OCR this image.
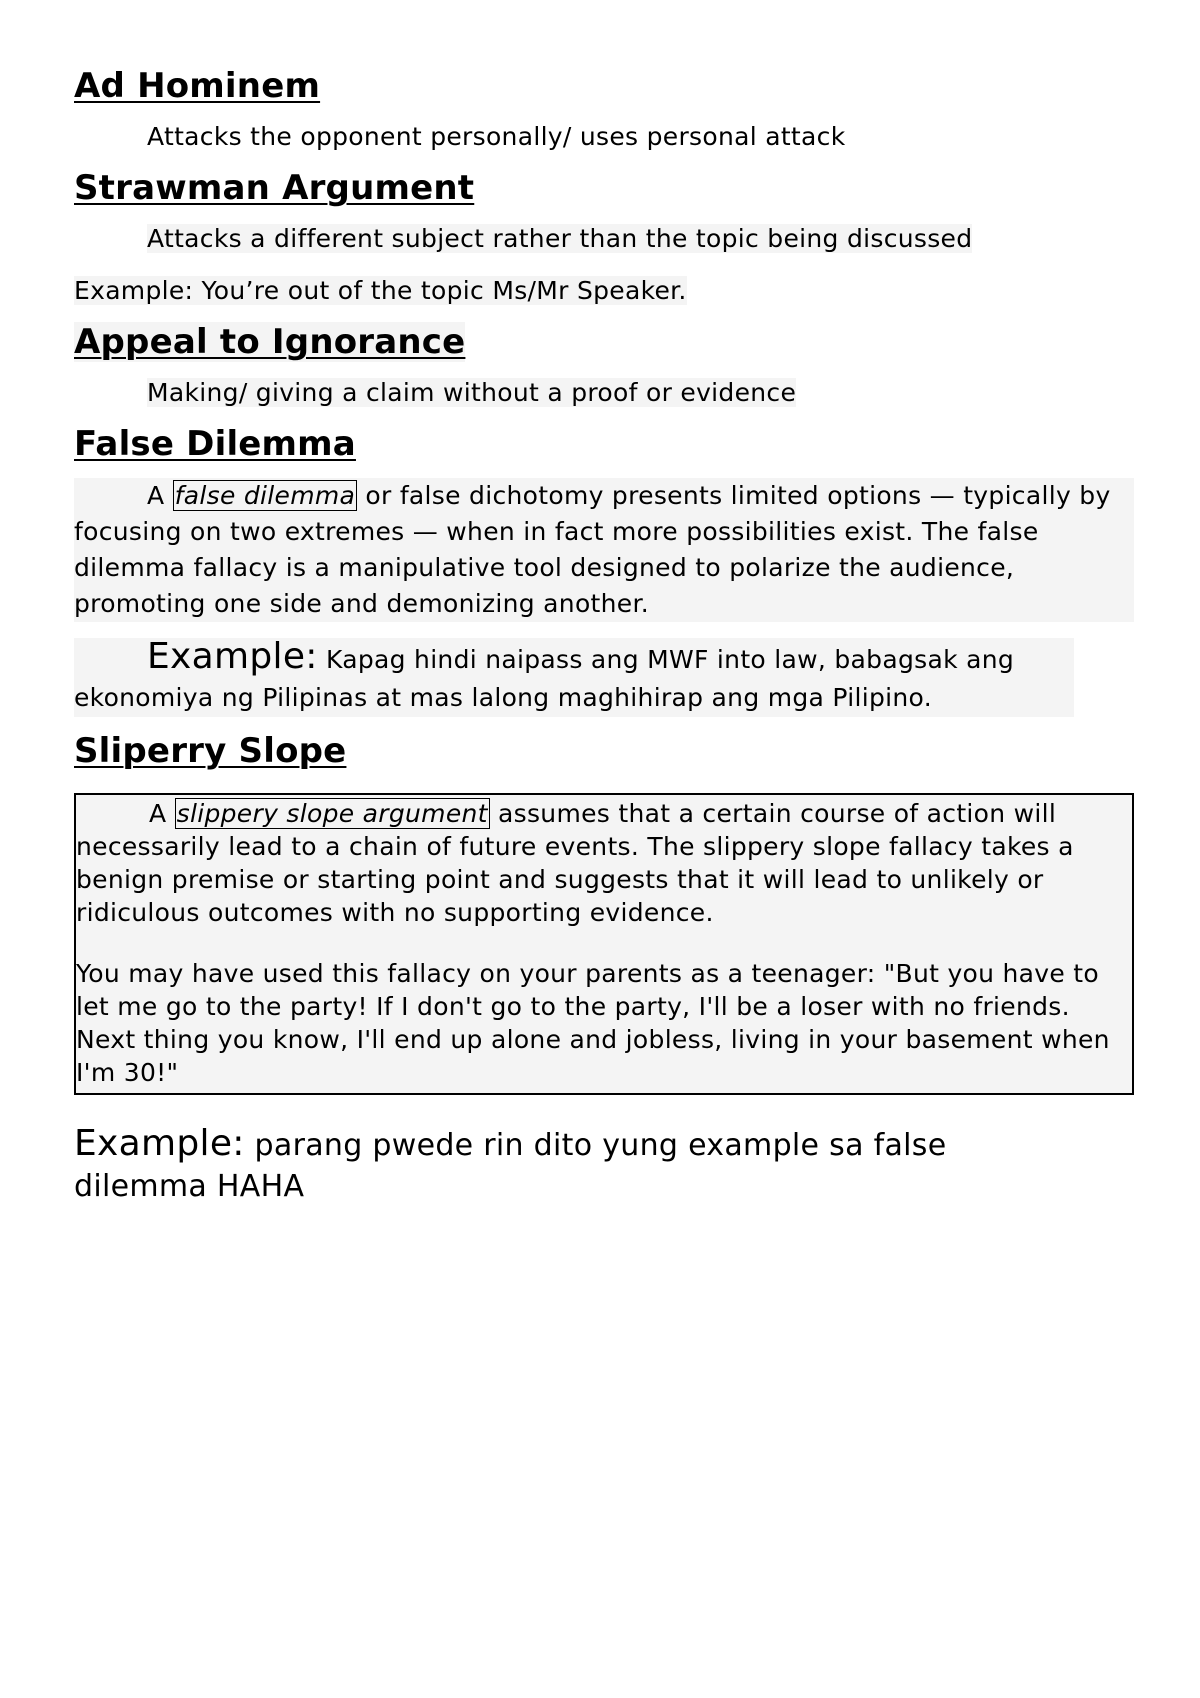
Ad Hominem

Attacks the opponent personally/ uses personal attack

Strawman Argument

Attacks a different subject rather than the topic being discussed

Example: You’re out of the topic Ms/Mr Speaker.

Appeal to Ignorance

Making/ giving a claim without a proof or evidence

False Dilemma

A false dilemma or false dichotomy presents limited options — typically by focusing on two extremes — when in fact more possibilities exist. The false dilemma fallacy is a manipulative tool designed to polarize the audience, promoting one side and demonizing another.

Example: Kapag hindi naipass ang MWF into law, babagsak ang ekonomiya ng Pilipinas at mas lalong maghihirap ang mga Pilipino.

Sliperry Slope

A slippery slope argument assumes that a certain course of action will necessarily lead to a chain of future events. The slippery slope fallacy takes a benign premise or starting point and suggests that it will lead to unlikely or ridiculous outcomes with no supporting evidence.

You may have used this fallacy on your parents as a teenager: "But you have to let me go to the party! If I don't go to the party, I'll be a loser with no friends. Next thing you know, I'll end up alone and jobless, living in your basement when I'm 30!"

Example: parang pwede rin dito yung example sa false dilemma HAHA
